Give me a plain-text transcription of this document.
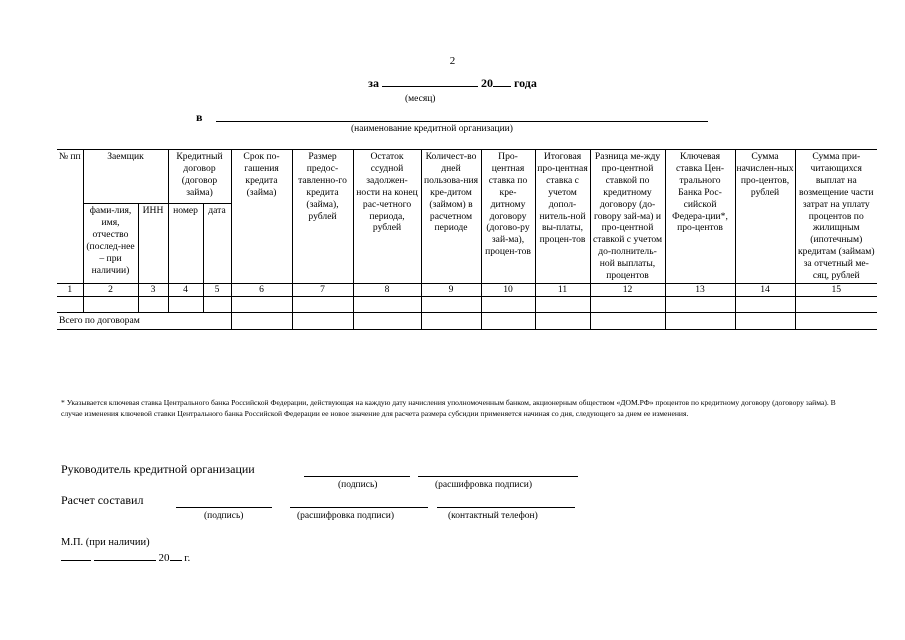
2
за	20 года
(месяц)
в
(наименование кредитной организации)
№ пп	Заемщик		Кредитный договор (договор займа)		Срок по-гашения кредита (займа)	Размер предос-тавленно-го кредита (займа), рублей	Остаток ссудной задолжен-ности на конец рас-четного периода, рублей	Количест-во дней пользова-ния кре-дитом (займом) в расчетном периоде	Про-центная ставка по кре-дитному договору (догово-ру зай-ма), процен-тов	Итоговая про-центная ставка с учетом допол-нитель-ной вы-платы, процен-тов	Разница ме-жду про-центной ставкой по кредитному договору (до-говору зай-ма) и про-центной ставкой с учетом до-полнитель-ной выплаты, процентов	Ключевая ставка Цен-трального Банка Рос-сийской Федера-ции*, про-центов	Сумма начислен-ных про-центов, рублей	Сумма при-читающихся выплат на возмещение части затрат на уплату процентов по жилищным (ипотечным) кредитам (займам) за отчетный ме-сяц, рублей
	фами-лия, имя, отчество (послед-нее – при наличии)	ИНН	номер	дата										
1	2	3	4	5	6	7	8	9	10	11	12	13	14	15

Всего по договорам														
* Указывается ключевая ставка Центрального банка Российской Федерации, действующая на каждую дату начисления уполномоченным банком, акционерным обществом «ДОМ.РФ» процентов по кредитному договору (договору займа). В случае изменения ключевой ставки Центрального банка Российской Федерации ее новое значение для расчета размера субсидии применяется начиная со дня, следующего за днем ее изменения.
Руководитель кредитной организации
(подпись)	(расшифровка подписи)
Расчет составил
(подпись)	(расшифровка подписи)	(контактный телефон)
М.П. (при наличии)
20 г.
